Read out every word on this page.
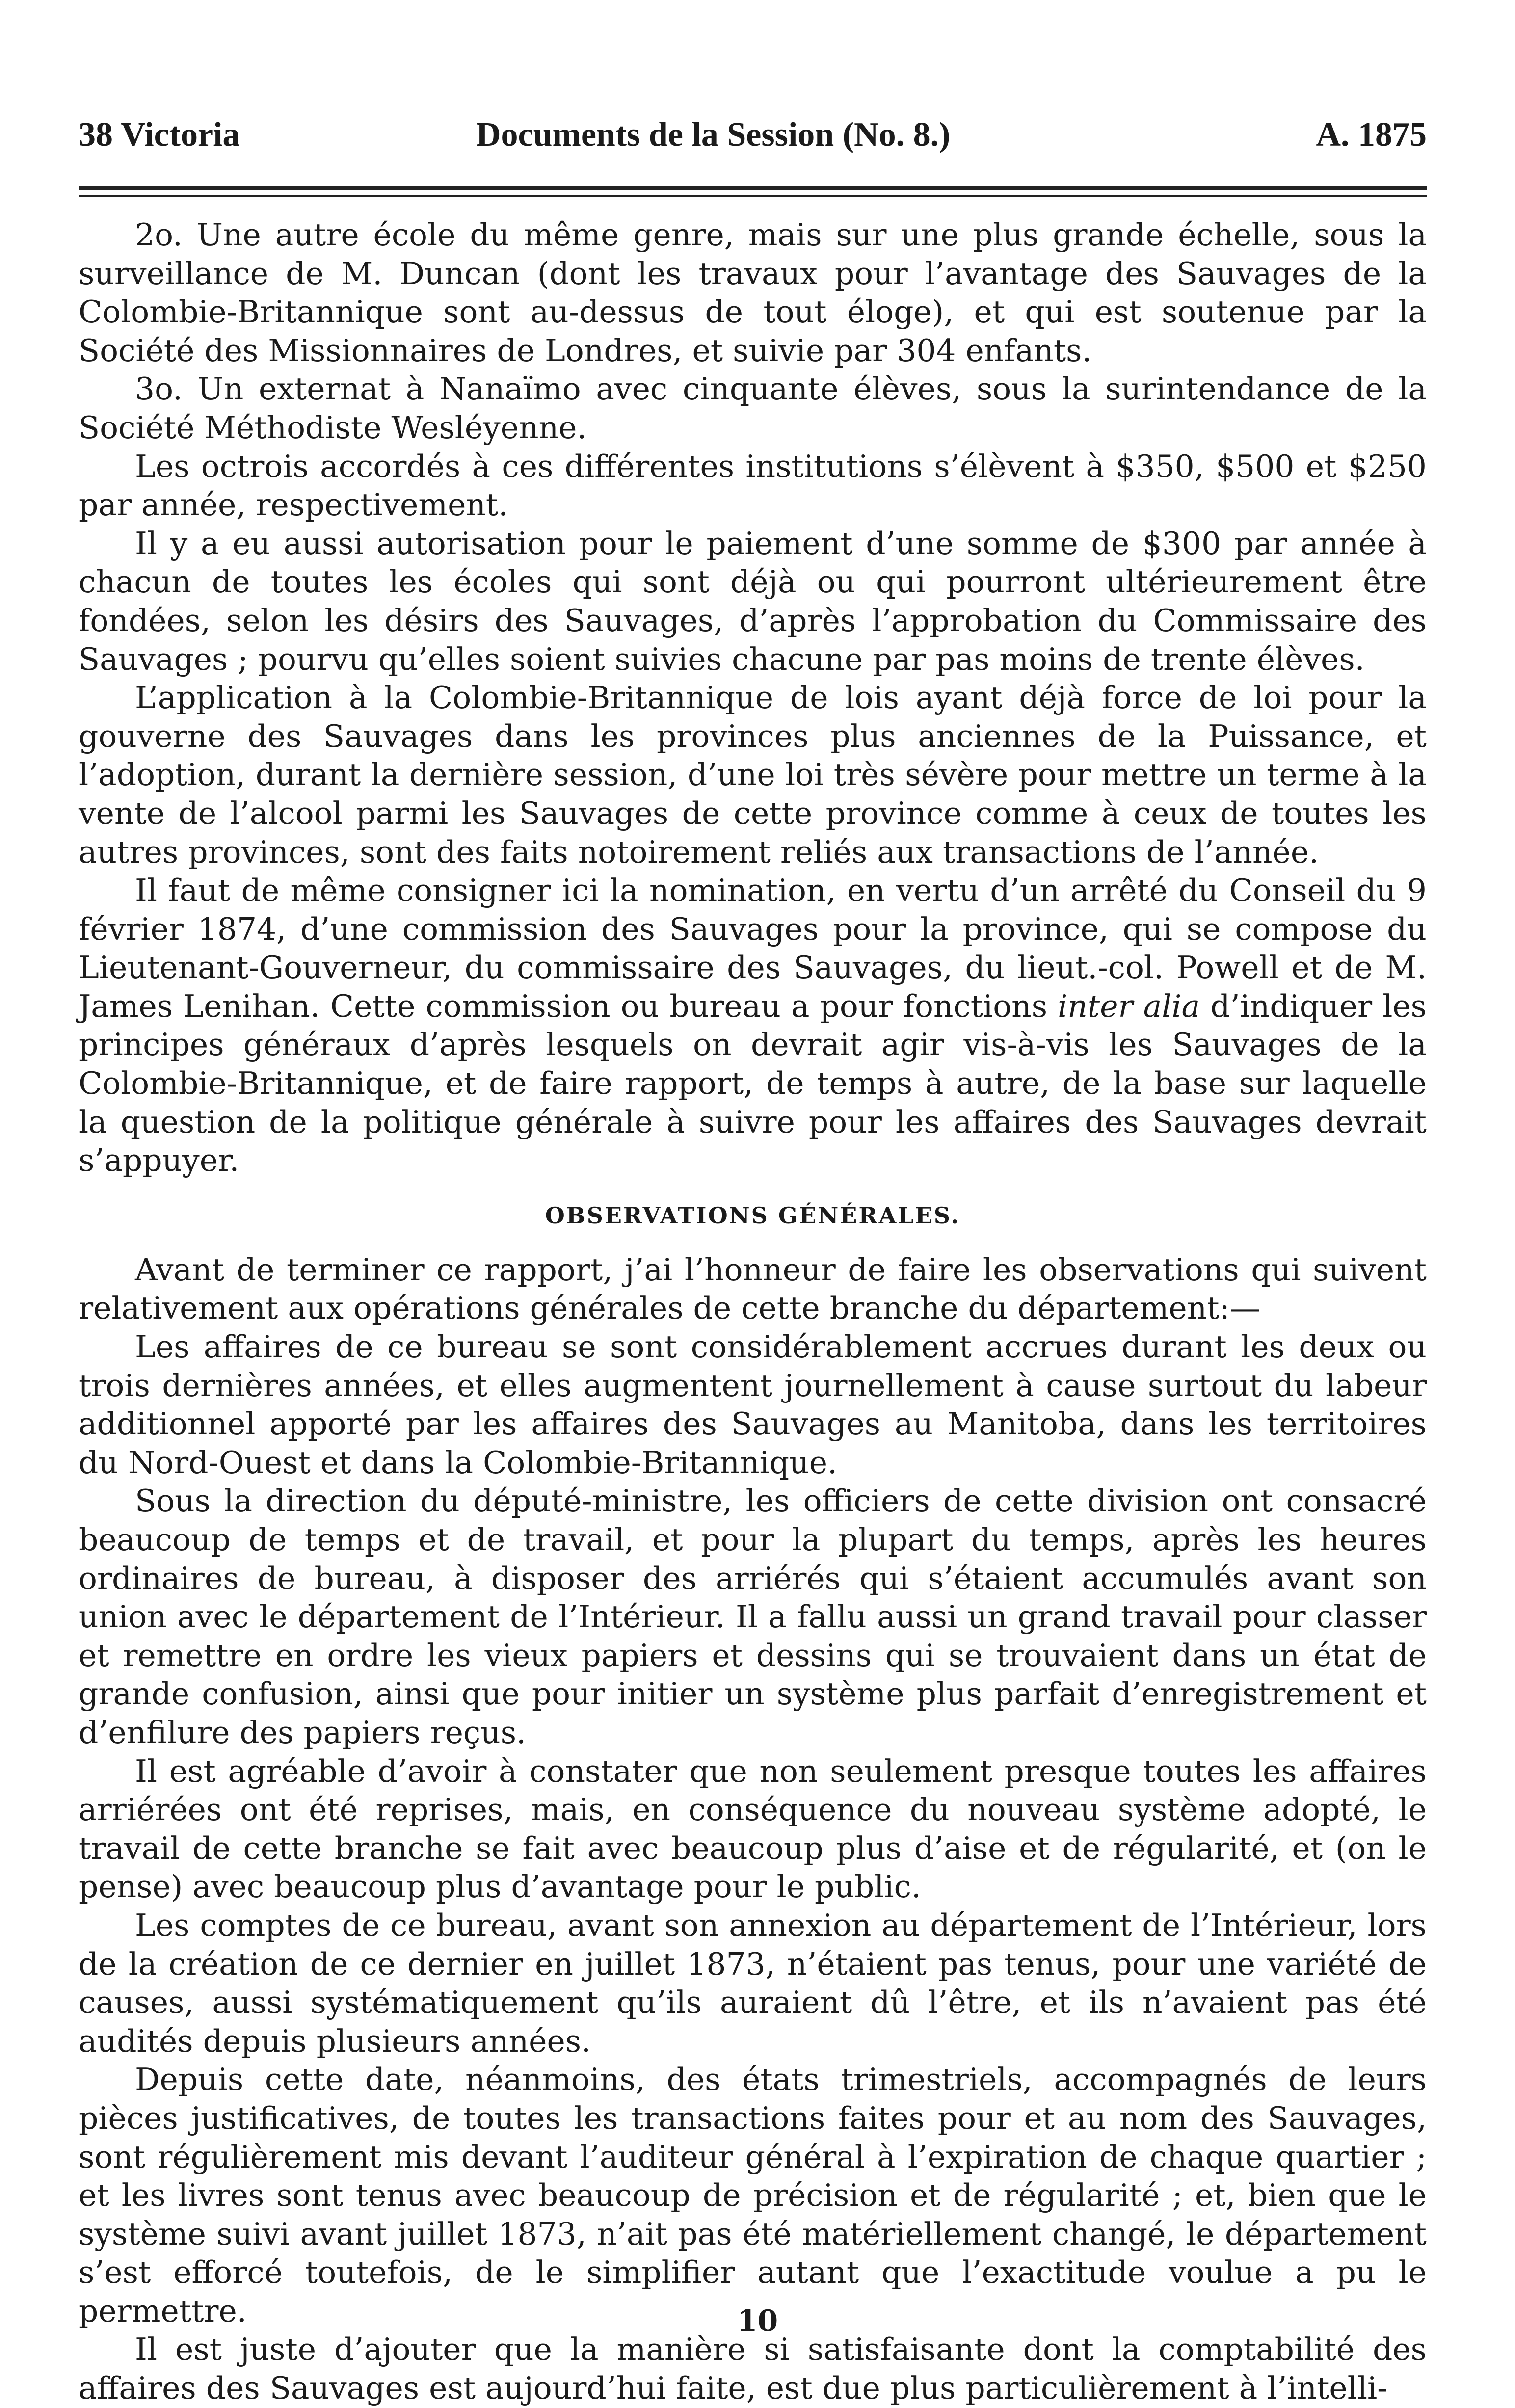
38 Victoria	Documents de la Session (No. 8.)	A. 1875

2o. Une autre école du même genre, mais sur une plus grande échelle, sous la surveillance de M. Duncan (dont les travaux pour l’avantage des Sauvages de la Colombie-Britannique sont au-dessus de tout éloge), et qui est soutenue par la Société des Missionnaires de Londres, et suivie par 304 enfants.

3o. Un externat à Nanaïmo avec cinquante élèves, sous la surintendance de la Société Méthodiste Wesléyenne.

Les octrois accordés à ces différentes institutions s’élèvent à $350, $500 et $250 par année, respectivement.

Il y a eu aussi autorisation pour le paiement d’une somme de $300 par année à chacun de toutes les écoles qui sont déjà ou qui pourront ultérieurement être fondées, selon les désirs des Sauvages, d’après l’approbation du Commissaire des Sauvages ; pourvu qu’elles soient suivies chacune par pas moins de trente élèves.

L’application à la Colombie-Britannique de lois ayant déjà force de loi pour la gouverne des Sauvages dans les provinces plus anciennes de la Puissance, et l’adoption, durant la dernière session, d’une loi très sévère pour mettre un terme à la vente de l’alcool parmi les Sauvages de cette province comme à ceux de toutes les autres provinces, sont des faits notoirement reliés aux transactions de l’année.

Il faut de même consigner ici la nomination, en vertu d’un arrêté du Conseil du 9 février 1874, d’une commission des Sauvages pour la province, qui se compose du Lieutenant-Gouverneur, du commissaire des Sauvages, du lieut.-col. Powell et de M. James Lenihan. Cette commission ou bureau a pour fonctions inter alia d’indiquer les principes généraux d’après lesquels on devrait agir vis-à-vis les Sauvages de la Colombie-Britannique, et de faire rapport, de temps à autre, de la base sur laquelle la question de la politique générale à suivre pour les affaires des Sauvages devrait s’appuyer.

OBSERVATIONS GÉNÉRALES.

Avant de terminer ce rapport, j’ai l’honneur de faire les observations qui suivent relativement aux opérations générales de cette branche du département:—

Les affaires de ce bureau se sont considérablement accrues durant les deux ou trois dernières années, et elles augmentent journellement à cause surtout du labeur additionnel apporté par les affaires des Sauvages au Manitoba, dans les territoires du Nord-Ouest et dans la Colombie-Britannique.

Sous la direction du député-ministre, les officiers de cette division ont consacré beaucoup de temps et de travail, et pour la plupart du temps, après les heures ordinaires de bureau, à disposer des arriérés qui s’étaient accumulés avant son union avec le département de l’Intérieur. Il a fallu aussi un grand travail pour classer et remettre en ordre les vieux papiers et dessins qui se trouvaient dans un état de grande confusion, ainsi que pour initier un système plus parfait d’enregistrement et d’enfilure des papiers reçus.

Il est agréable d’avoir à constater que non seulement presque toutes les affaires arriérées ont été reprises, mais, en conséquence du nouveau système adopté, le travail de cette branche se fait avec beaucoup plus d’aise et de régularité, et (on le pense) avec beaucoup plus d’avantage pour le public.

Les comptes de ce bureau, avant son annexion au département de l’Intérieur, lors de la création de ce dernier en juillet 1873, n’étaient pas tenus, pour une variété de causes, aussi systématiquement qu’ils auraient dû l’être, et ils n’avaient pas été audités depuis plusieurs années.

Depuis cette date, néanmoins, des états trimestriels, accompagnés de leurs pièces justificatives, de toutes les transactions faites pour et au nom des Sauvages, sont régulièrement mis devant l’auditeur général à l’expiration de chaque quartier ; et les livres sont tenus avec beaucoup de précision et de régularité ; et, bien que le système suivi avant juillet 1873, n’ait pas été matériellement changé, le département s’est efforcé toutefois, de le simplifier autant que l’exactitude voulue a pu le permettre.

Il est juste d’ajouter que la manière si satisfaisante dont la comptabilité des affaires des Sauvages est aujourd’hui faite, est due plus particulièrement à l’intelli-

10
